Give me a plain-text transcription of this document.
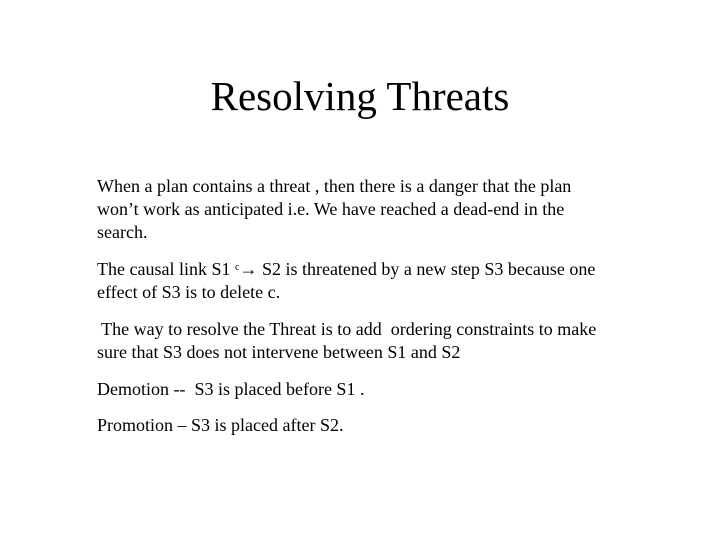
Resolving Threats
When a plan contains a threat , then there is a danger that the plan
won’t work as anticipated i.e. We have reached a dead-end in the
search.
The causal link S1 $^c$→ S2 is threatened by a new step S3 because one
effect of S3 is to delete c.
The way to resolve the Threat is to add  ordering constraints to make
sure that S3 does not intervene between S1 and S2
Demotion --  S3 is placed before S1 .
Promotion – S3 is placed after S2.
